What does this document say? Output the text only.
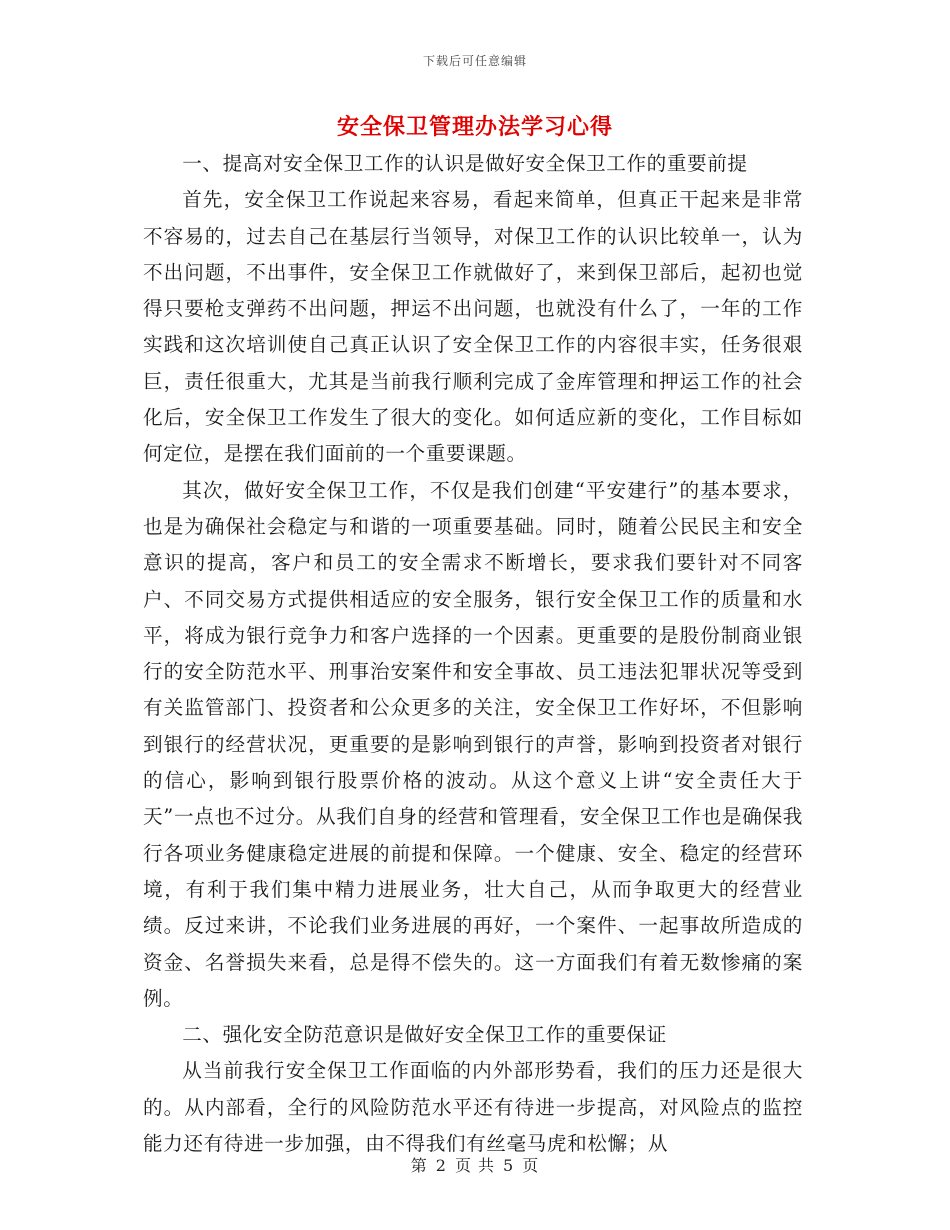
下载后可任意编辑
安全保卫管理办法学习心得

一、提高对安全保卫工作的认识是做好安全保卫工作的重要前提

首先，安全保卫工作说起来容易，看起来简单，但真正干起来是非常不容易的，过去自己在基层行当领导，对保卫工作的认识比较单一，认为不出问题，不出事件，安全保卫工作就做好了，来到保卫部后，起初也觉得只要枪支弹药不出问题，押运不出问题，也就没有什么了，一年的工作实践和这次培训使自己真正认识了安全保卫工作的内容很丰实，任务很艰巨，责任很重大，尤其是当前我行顺利完成了金库管理和押运工作的社会化后，安全保卫工作发生了很大的变化。如何适应新的变化，工作目标如何定位，是摆在我们面前的一个重要课题。

其次，做好安全保卫工作，不仅是我们创建“平安建行”的基本要求，也是为确保社会稳定与和谐的一项重要基础。同时，随着公民民主和安全意识的提高，客户和员工的安全需求不断增长，要求我们要针对不同客户、不同交易方式提供相适应的安全服务，银行安全保卫工作的质量和水平，将成为银行竞争力和客户选择的一个因素。更重要的是股份制商业银行的安全防范水平、刑事治安案件和安全事故、员工违法犯罪状况等受到有关监管部门、投资者和公众更多的关注，安全保卫工作好坏，不但影响到银行的经营状况，更重要的是影响到银行的声誉，影响到投资者对银行的信心，影响到银行股票价格的波动。从这个意义上讲“安全责任大于天”一点也不过分。从我们自身的经营和管理看，安全保卫工作也是确保我行各项业务健康稳定进展的前提和保障。一个健康、安全、稳定的经营环境，有利于我们集中精力进展业务，壮大自己，从而争取更大的经营业绩。反过来讲，不论我们业务进展的再好，一个案件、一起事故所造成的资金、名誉损失来看，总是得不偿失的。这一方面我们有着无数惨痛的案例。

二、强化安全防范意识是做好安全保卫工作的重要保证

从当前我行安全保卫工作面临的内外部形势看，我们的压力还是很大的。从内部看，全行的风险防范水平还有待进一步提高，对风险点的监控能力还有待进一步加强，由不得我们有丝毫马虎和松懈；从

第 2 页 共 5 页
